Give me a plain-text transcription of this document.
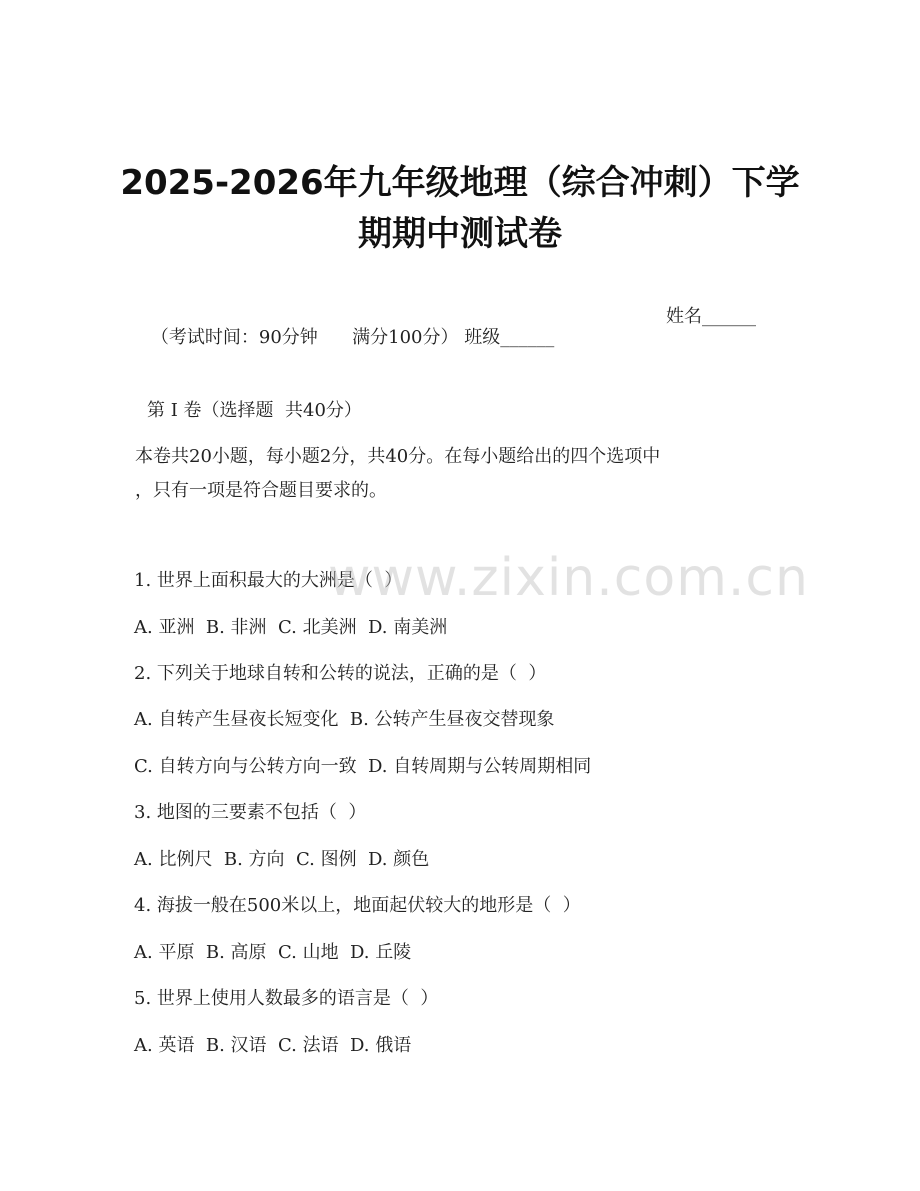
2025-2026年九年级地理（综合冲刺）下学
期期中测试卷

（考试时间：90分钟      满分100分） 班级______

姓名______

第 I 卷（选择题  共40分）
本卷共20小题，每小题2分，共40分。在每小题给出的四个选项中
，只有一项是符合题目要求的。
1. 世界上面积最大的大洲是（  ）
A. 亚洲  B. 非洲  C. 北美洲  D. 南美洲
2. 下列关于地球自转和公转的说法，正确的是（  ）
A. 自转产生昼夜长短变化  B. 公转产生昼夜交替现象
C. 自转方向与公转方向一致  D. 自转周期与公转周期相同
3. 地图的三要素不包括（  ）
A. 比例尺  B. 方向  C. 图例  D. 颜色
4. 海拔一般在500米以上，地面起伏较大的地形是（  ）
A. 平原  B. 高原  C. 山地  D. 丘陵
5. 世界上使用人数最多的语言是（  ）
A. 英语  B. 汉语  C. 法语  D. 俄语
www.zixin.com.cn
